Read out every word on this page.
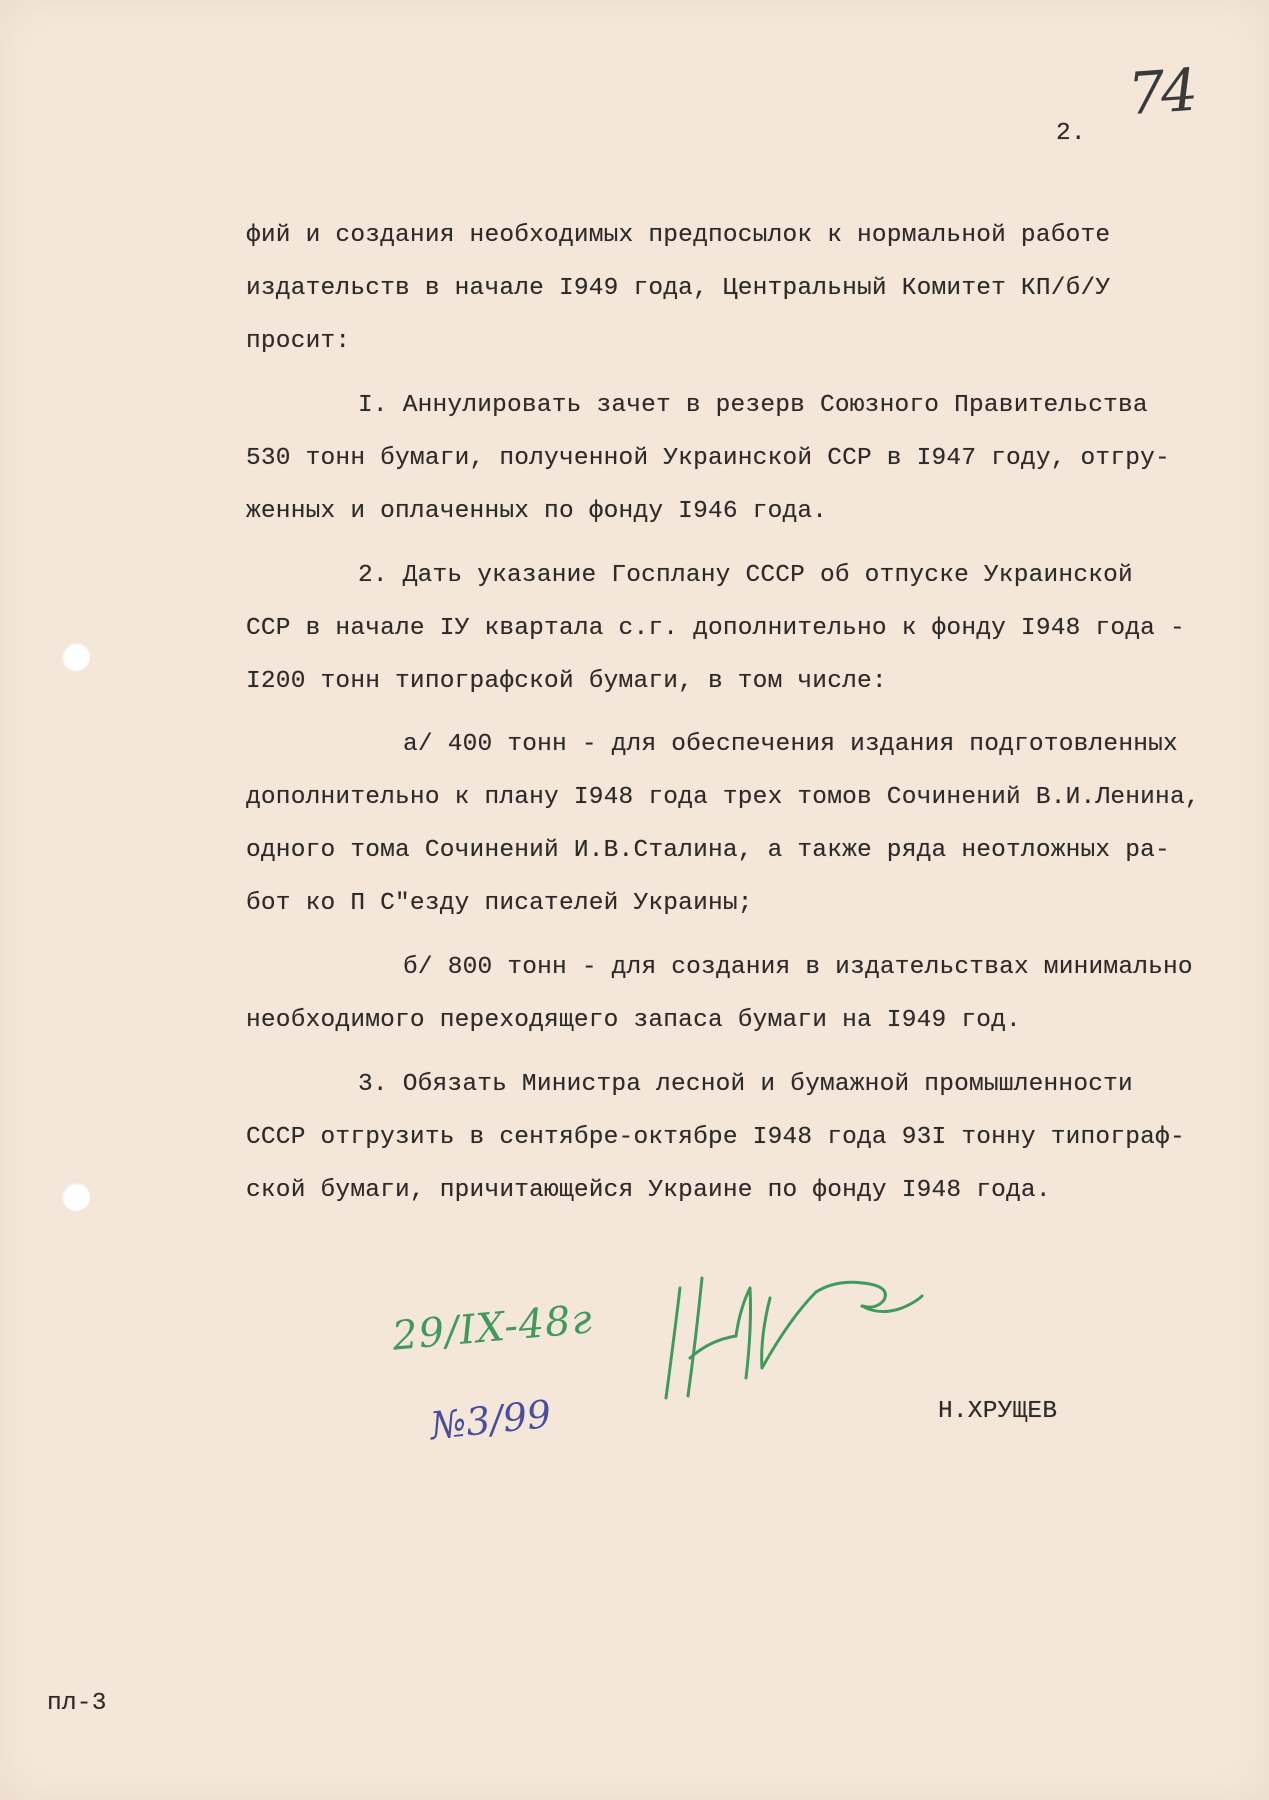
74
2.
фий и создания необходимых предпосылок к нормальной работе
издательств в начале I949 года, Центральный Комитет КП/б/У
просит:
I. Аннулировать зачет в резерв Союзного Правительства
530 тонн бумаги, полученной Украинской ССР в I947 году, отгру-
женных и оплаченных по фонду I946 года.
2. Дать указание Госплану СССР об отпуске Украинской
ССР в начале IУ квартала с.г. дополнительно к фонду I948 года -
I200 тонн типографской бумаги, в том числе:
а/ 400 тонн - для обеспечения издания подготовленных
дополнительно к плану I948 года трех томов Сочинений В.И.Ленина,
одного тома Сочинений И.В.Сталина, а также ряда неотложных ра-
бот ко П С"езду писателей Украины;
б/ 800 тонн - для создания в издательствах минимально
необходимого переходящего запаса бумаги на I949 год.
3. Обязать Министра лесной и бумажной промышленности
СССР отгрузить в сентябре-октябре I948 года 93I тонну типограф-
ской бумаги, причитающейся Украине по фонду I948 года.
29/IX-48г
№3/99	Н.ХРУЩЕВ
пл-3
